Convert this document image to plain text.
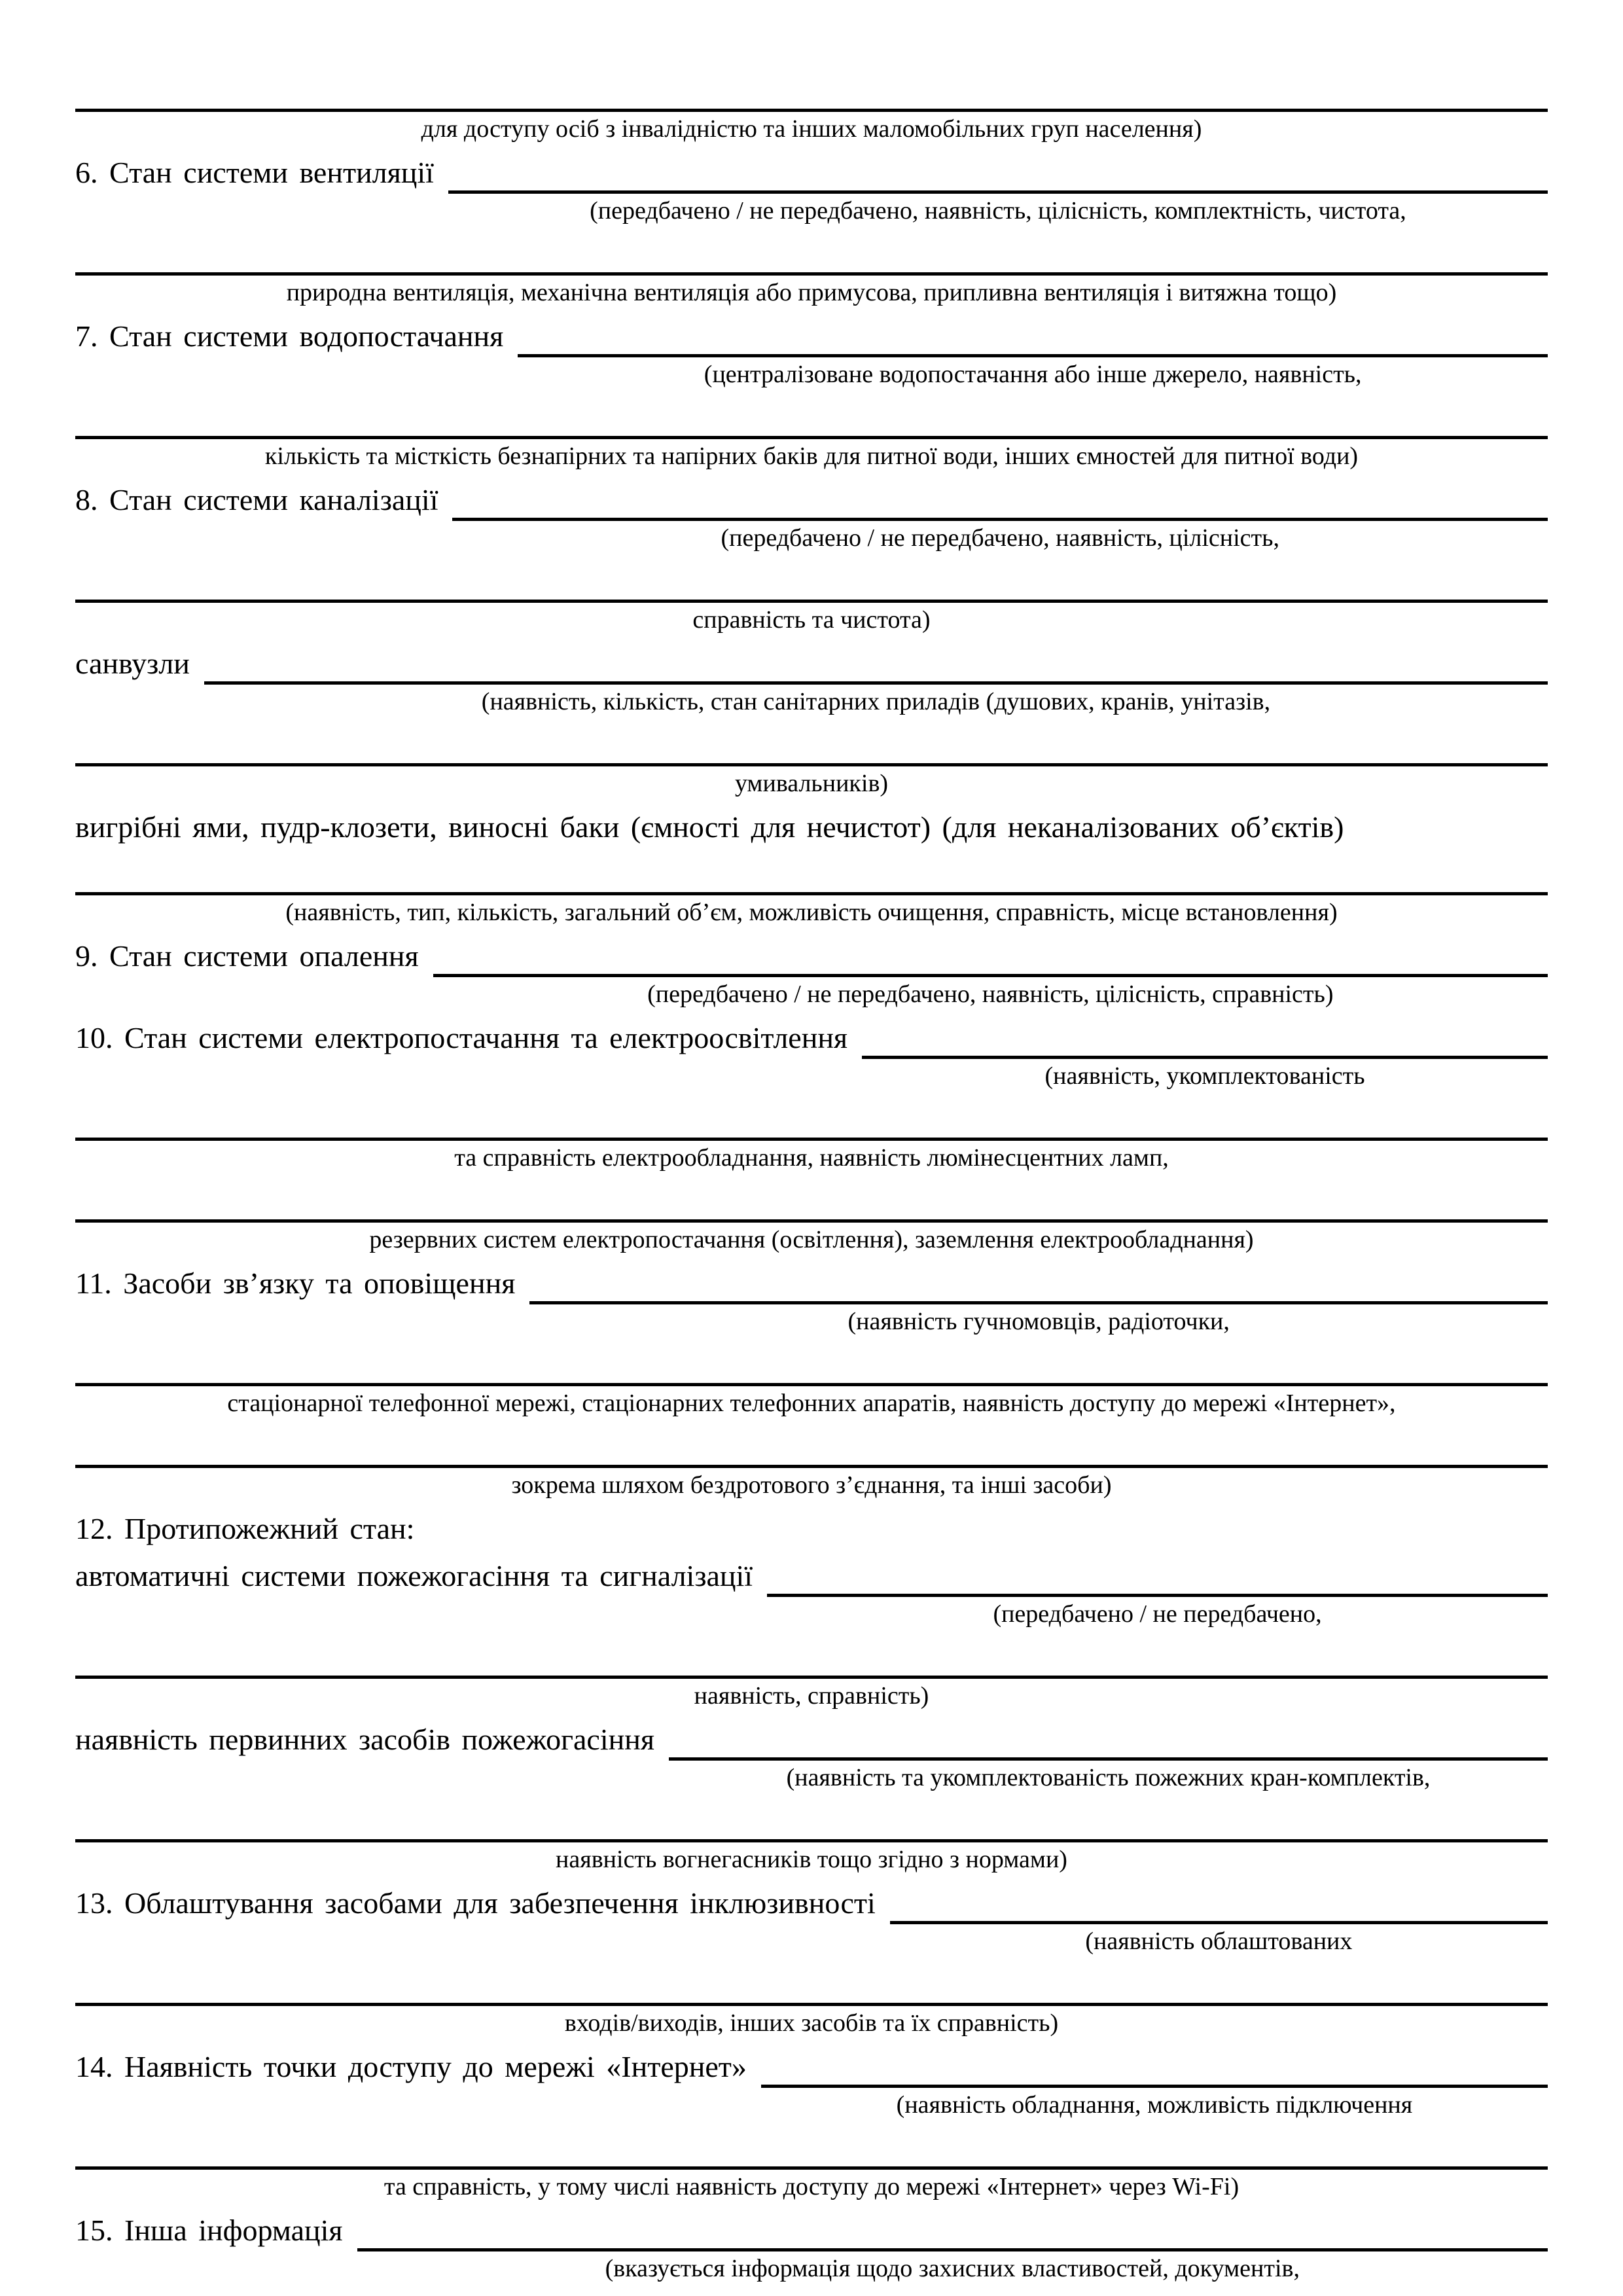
для доступу осіб з інвалідністю та інших маломобільних груп населення)
6. Стан системи вентиляції
(передбачено / не передбачено, наявність, цілісність, комплектність, чистота,
природна вентиляція, механічна вентиляція або примусова, припливна вентиляція і витяжна тощо)
7. Стан системи водопостачання
(централізоване водопостачання або інше джерело, наявність,
кількість та місткість безнапірних та напірних баків для питної води, інших ємностей для питної води)
8. Стан системи каналізації
(передбачено / не передбачено, наявність, цілісність,
справність та чистота)
санвузли
(наявність, кількість, стан санітарних приладів (душових, кранів, унітазів,
умивальників)
вигрібні ями, пудр-клозети, виносні баки (ємності для нечистот) (для неканалізованих об’єктів)
(наявність, тип, кількість, загальний об’єм, можливість очищення, справність, місце встановлення)
9. Стан системи опалення
(передбачено / не передбачено, наявність, цілісність, справність)
10. Стан системи електропостачання та електроосвітлення
(наявність, укомплектованість
та справність електрообладнання, наявність люмінесцентних ламп,
резервних систем електропостачання (освітлення), заземлення електрообладнання)
11. Засоби зв’язку та оповіщення
(наявність гучномовців, радіоточки,
стаціонарної телефонної мережі, стаціонарних телефонних апаратів, наявність доступу до мережі «Інтернет»,
зокрема шляхом бездротового з’єднання, та інші засоби)
12. Протипожежний стан:
автоматичні системи пожежогасіння та сигналізації
(передбачено / не передбачено,
наявність, справність)
наявність первинних засобів пожежогасіння
(наявність та укомплектованість пожежних кран-комплектів,
наявність вогнегасників тощо згідно з нормами)
13. Облаштування засобами для забезпечення інклюзивності
(наявність облаштованих
входів/виходів, інших засобів та їх справність)
14. Наявність точки доступу до мережі «Інтернет»
(наявність обладнання, можливість підключення
та справність, у тому числі наявність доступу до мережі «Інтернет» через Wi-Fi)
15. Інша інформація
(вказується інформація щодо захисних властивостей, документів,
